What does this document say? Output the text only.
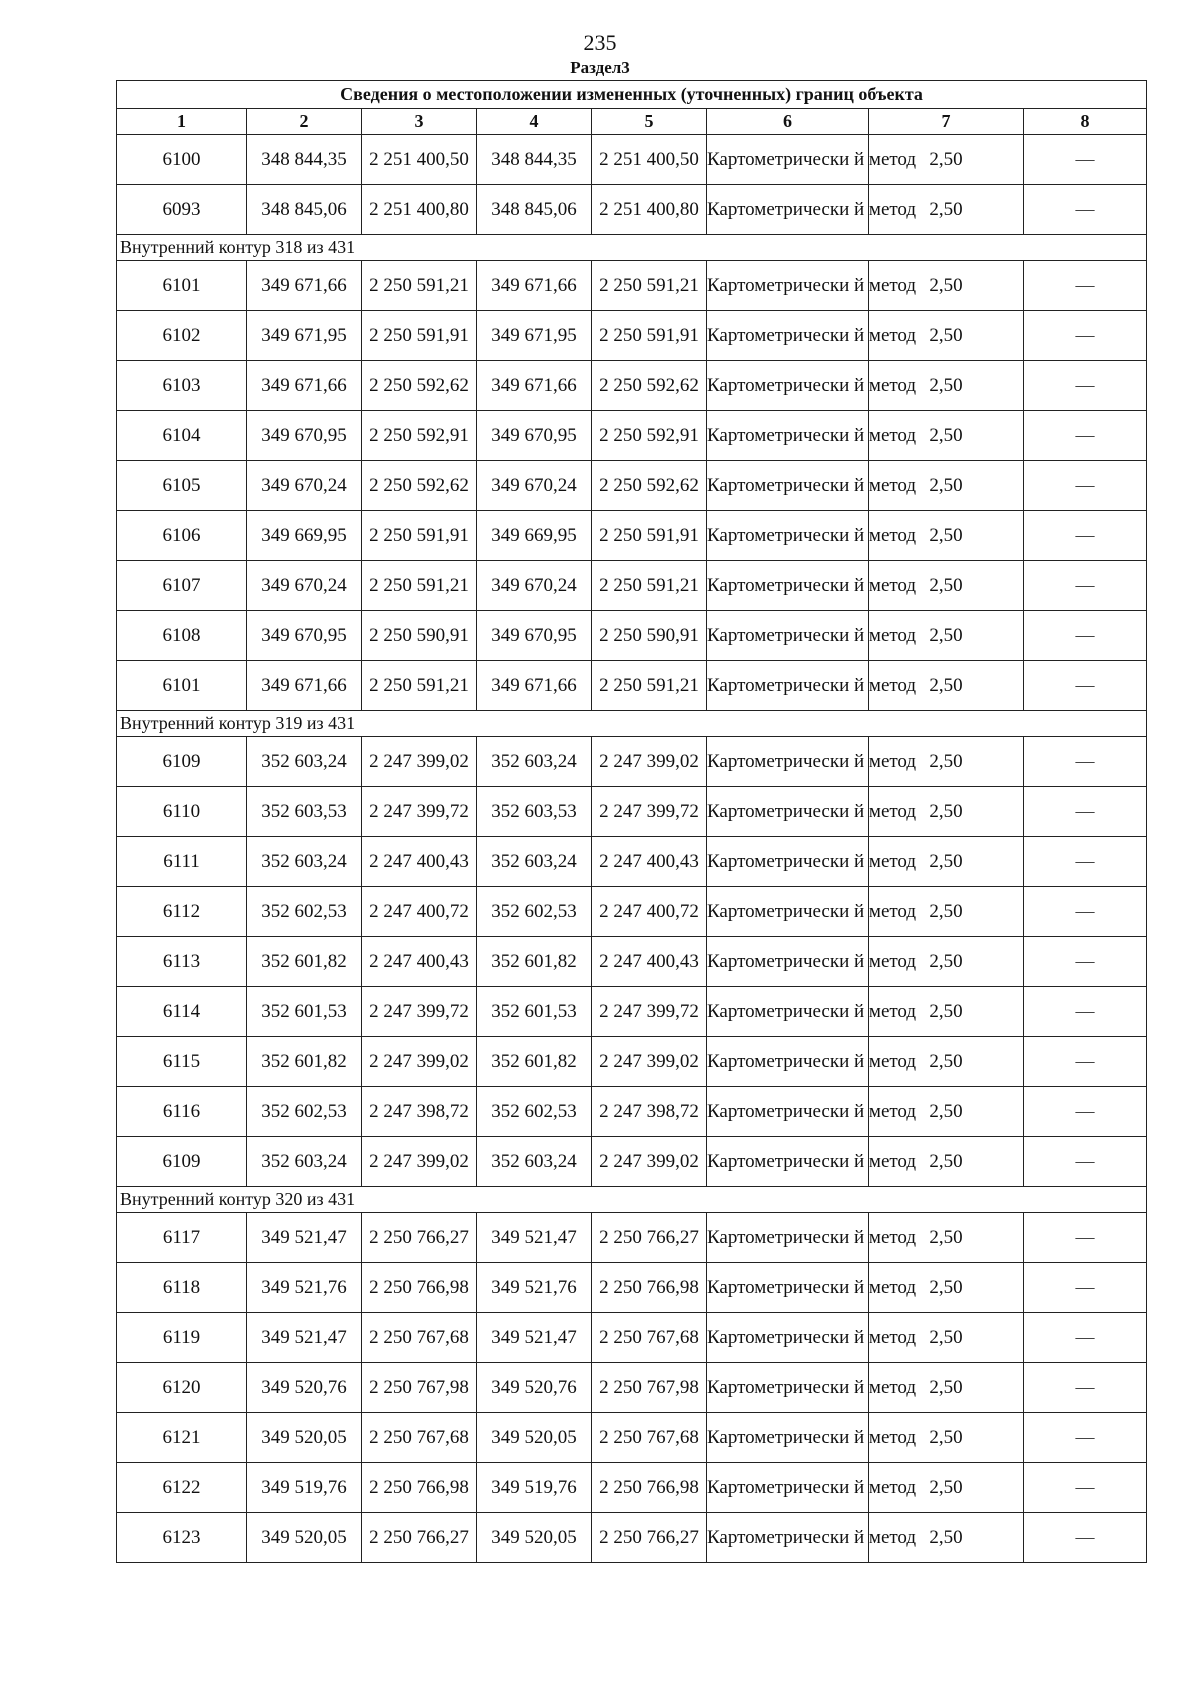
235
Раздел3
Сведения о местоположении измененных (уточненных) границ объекта							
1	2	3	4	5	6	7	8
6100	348 844,35	2 251 400,50	348 844,35	2 251 400,50	Картометрически й метод	2,50	—
6093	348 845,06	2 251 400,80	348 845,06	2 251 400,80	Картометрически й метод	2,50	—
Внутренний контур 318 из 431							
6101	349 671,66	2 250 591,21	349 671,66	2 250 591,21	Картометрически й метод	2,50	—
6102	349 671,95	2 250 591,91	349 671,95	2 250 591,91	Картометрически й метод	2,50	—
6103	349 671,66	2 250 592,62	349 671,66	2 250 592,62	Картометрически й метод	2,50	—
6104	349 670,95	2 250 592,91	349 670,95	2 250 592,91	Картометрически й метод	2,50	—
6105	349 670,24	2 250 592,62	349 670,24	2 250 592,62	Картометрически й метод	2,50	—
6106	349 669,95	2 250 591,91	349 669,95	2 250 591,91	Картометрически й метод	2,50	—
6107	349 670,24	2 250 591,21	349 670,24	2 250 591,21	Картометрически й метод	2,50	—
6108	349 670,95	2 250 590,91	349 670,95	2 250 590,91	Картометрически й метод	2,50	—
6101	349 671,66	2 250 591,21	349 671,66	2 250 591,21	Картометрически й метод	2,50	—
Внутренний контур 319 из 431							
6109	352 603,24	2 247 399,02	352 603,24	2 247 399,02	Картометрически й метод	2,50	—
6110	352 603,53	2 247 399,72	352 603,53	2 247 399,72	Картометрически й метод	2,50	—
6111	352 603,24	2 247 400,43	352 603,24	2 247 400,43	Картометрически й метод	2,50	—
6112	352 602,53	2 247 400,72	352 602,53	2 247 400,72	Картометрически й метод	2,50	—
6113	352 601,82	2 247 400,43	352 601,82	2 247 400,43	Картометрически й метод	2,50	—
6114	352 601,53	2 247 399,72	352 601,53	2 247 399,72	Картометрически й метод	2,50	—
6115	352 601,82	2 247 399,02	352 601,82	2 247 399,02	Картометрически й метод	2,50	—
6116	352 602,53	2 247 398,72	352 602,53	2 247 398,72	Картометрически й метод	2,50	—
6109	352 603,24	2 247 399,02	352 603,24	2 247 399,02	Картометрически й метод	2,50	—
Внутренний контур 320 из 431							
6117	349 521,47	2 250 766,27	349 521,47	2 250 766,27	Картометрически й метод	2,50	—
6118	349 521,76	2 250 766,98	349 521,76	2 250 766,98	Картометрически й метод	2,50	—
6119	349 521,47	2 250 767,68	349 521,47	2 250 767,68	Картометрически й метод	2,50	—
6120	349 520,76	2 250 767,98	349 520,76	2 250 767,98	Картометрически й метод	2,50	—
6121	349 520,05	2 250 767,68	349 520,05	2 250 767,68	Картометрически й метод	2,50	—
6122	349 519,76	2 250 766,98	349 519,76	2 250 766,98	Картометрически й метод	2,50	—
6123	349 520,05	2 250 766,27	349 520,05	2 250 766,27	Картометрически й метод	2,50	—
